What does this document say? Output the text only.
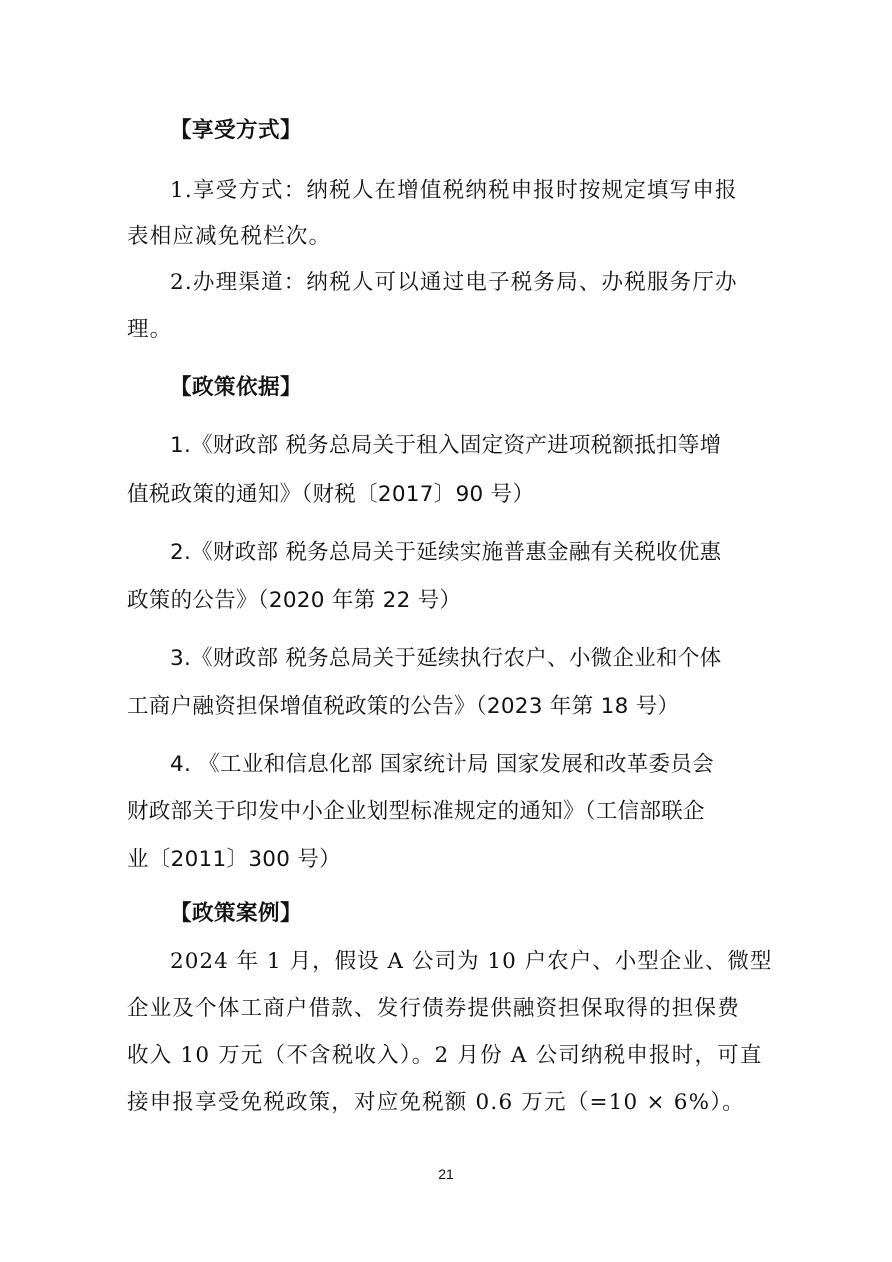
【享受方式】
1.享受方式：纳税人在增值税纳税申报时按规定填写申报
表相应减免税栏次。
2.办理渠道：纳税人可以通过电子税务局、办税服务厅办
理。
【政策依据】
1.《财政部 税务总局关于租入固定资产进项税额抵扣等增
值税政策的通知》（财税〔2017〕90 号）
2.《财政部 税务总局关于延续实施普惠金融有关税收优惠
政策的公告》（2020 年第 22 号）
3.《财政部 税务总局关于延续执行农户、小微企业和个体
工商户融资担保增值税政策的公告》（2023 年第 18 号）
4. 《工业和信息化部 国家统计局 国家发展和改革委员会
财政部关于印发中小企业划型标准规定的通知》（工信部联企
业〔2011〕300 号）
【政策案例】
2024 年 1 月，假设 A 公司为 10 户农户、小型企业、微型
企业及个体工商户借款、发行债券提供融资担保取得的担保费
收入 10 万元（不含税收入）。2 月份 A 公司纳税申报时，可直
接申报享受免税政策，对应免税额 0.6 万元（=10 × 6%）。
21
